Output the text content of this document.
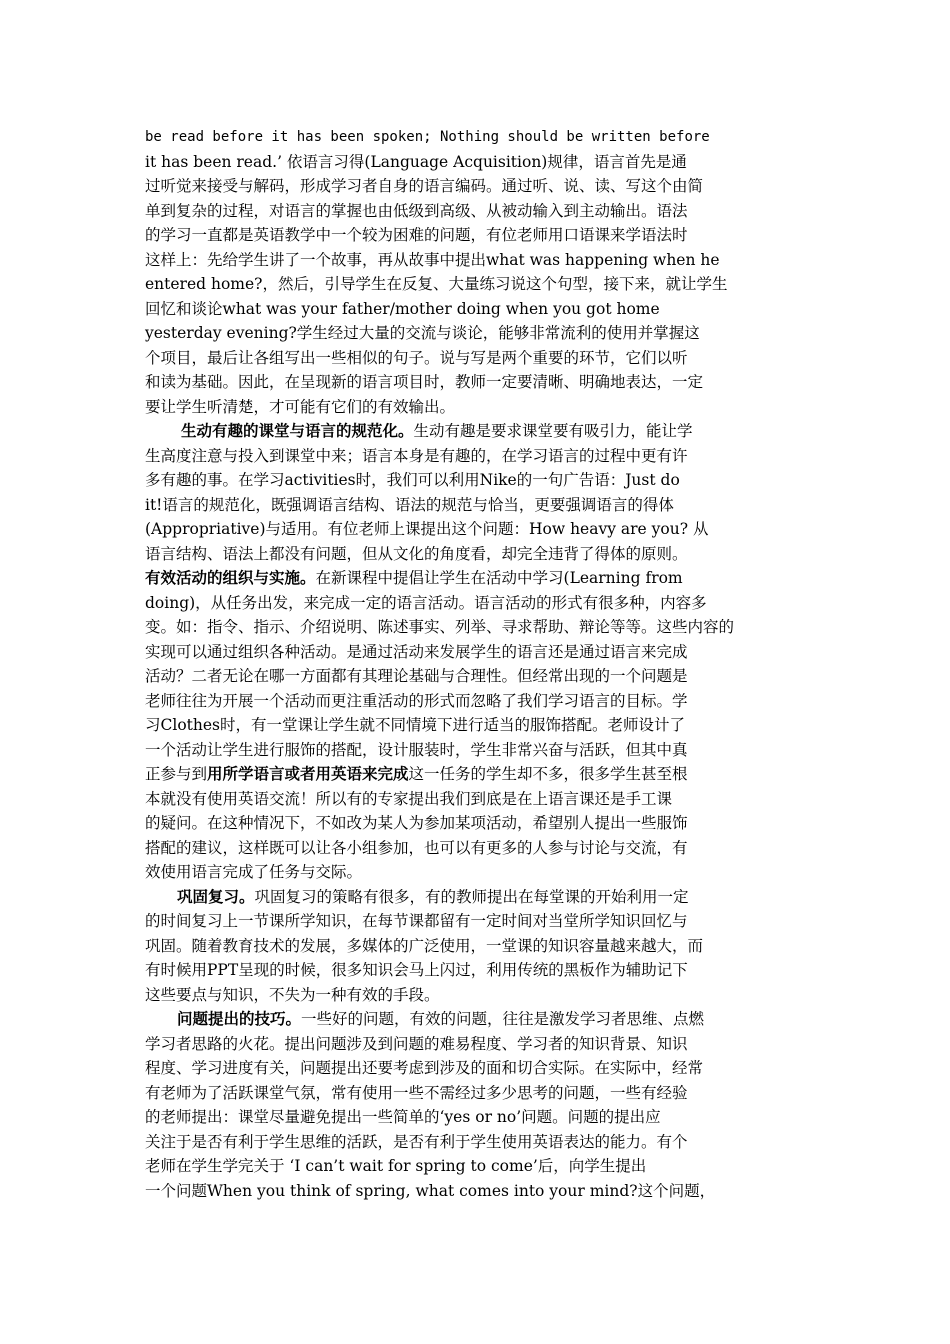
be read before it has been spoken; Nothing should be written before
it has been read.’ 依语言习得(Language Acquisition)规律，语言首先是通
过听觉来接受与解码，形成学习者自身的语言编码。通过听、说、读、写这个由简
单到复杂的过程，对语言的掌握也由低级到高级、从被动输入到主动输出。语法
的学习一直都是英语教学中一个较为困难的问题，有位老师用口语课来学语法时
这样上：先给学生讲了一个故事，再从故事中提出what was happening when he
entered home?，然后，引导学生在反复、大量练习说这个句型，接下来，就让学生
回忆和谈论what was your father/mother doing when you got home
yesterday evening?学生经过大量的交流与谈论，能够非常流利的使用并掌握这
个项目，最后让各组写出一些相似的句子。说与写是两个重要的环节，它们以听
和读为基础。因此，在呈现新的语言项目时，教师一定要清晰、明确地表达，一定
要让学生听清楚，才可能有它们的有效输出。
生动有趣的课堂与语言的规范化。生动有趣是要求课堂要有吸引力，能让学
生高度注意与投入到课堂中来；语言本身是有趣的，在学习语言的过程中更有许
多有趣的事。在学习activities时，我们可以利用Nike的一句广告语：Just do
it!语言的规范化，既强调语言结构、语法的规范与恰当，更要强调语言的得体
(Appropriative)与适用。有位老师上课提出这个问题：How heavy are you? 从
语言结构、语法上都没有问题，但从文化的角度看，却完全违背了得体的原则。
有效活动的组织与实施。在新课程中提倡让学生在活动中学习(Learning from
doing)，从任务出发，来完成一定的语言活动。语言活动的形式有很多种，内容多
变。如：指令、指示、介绍说明、陈述事实、列举、寻求帮助、辩论等等。这些内容的
实现可以通过组织各种活动。是通过活动来发展学生的语言还是通过语言来完成
活动？二者无论在哪一方面都有其理论基础与合理性。但经常出现的一个问题是
老师往往为开展一个活动而更注重活动的形式而忽略了我们学习语言的目标。学
习Clothes时，有一堂课让学生就不同情境下进行适当的服饰搭配。老师设计了
一个活动让学生进行服饰的搭配，设计服装时，学生非常兴奋与活跃，但其中真
正参与到用所学语言或者用英语来完成这一任务的学生却不多，很多学生甚至根
本就没有使用英语交流！所以有的专家提出我们到底是在上语言课还是手工课
的疑问。在这种情况下，不如改为某人为参加某项活动，希望别人提出一些服饰
搭配的建议，这样既可以让各小组参加，也可以有更多的人参与讨论与交流，有
效使用语言完成了任务与交际。
巩固复习。巩固复习的策略有很多，有的教师提出在每堂课的开始利用一定
的时间复习上一节课所学知识，在每节课都留有一定时间对当堂所学知识回忆与
巩固。随着教育技术的发展，多媒体的广泛使用，一堂课的知识容量越来越大，而
有时候用PPT呈现的时候，很多知识会马上闪过，利用传统的黑板作为辅助记下
这些要点与知识，不失为一种有效的手段。
问题提出的技巧。一些好的问题，有效的问题，往往是激发学习者思维、点燃
学习者思路的火花。提出问题涉及到问题的难易程度、学习者的知识背景、知识
程度、学习进度有关，问题提出还要考虑到涉及的面和切合实际。在实际中，经常
有老师为了活跃课堂气氛，常有使用一些不需经过多少思考的问题，一些有经验
的老师提出：课堂尽量避免提出一些简单的‘yes or no’问题。问题的提出应
关注于是否有利于学生思维的活跃，是否有利于学生使用英语表达的能力。有个
老师在学生学完关于 ‘I can’t wait for spring to come’后，向学生提出
一个问题When you think of spring, what comes into your mind?这个问题，
